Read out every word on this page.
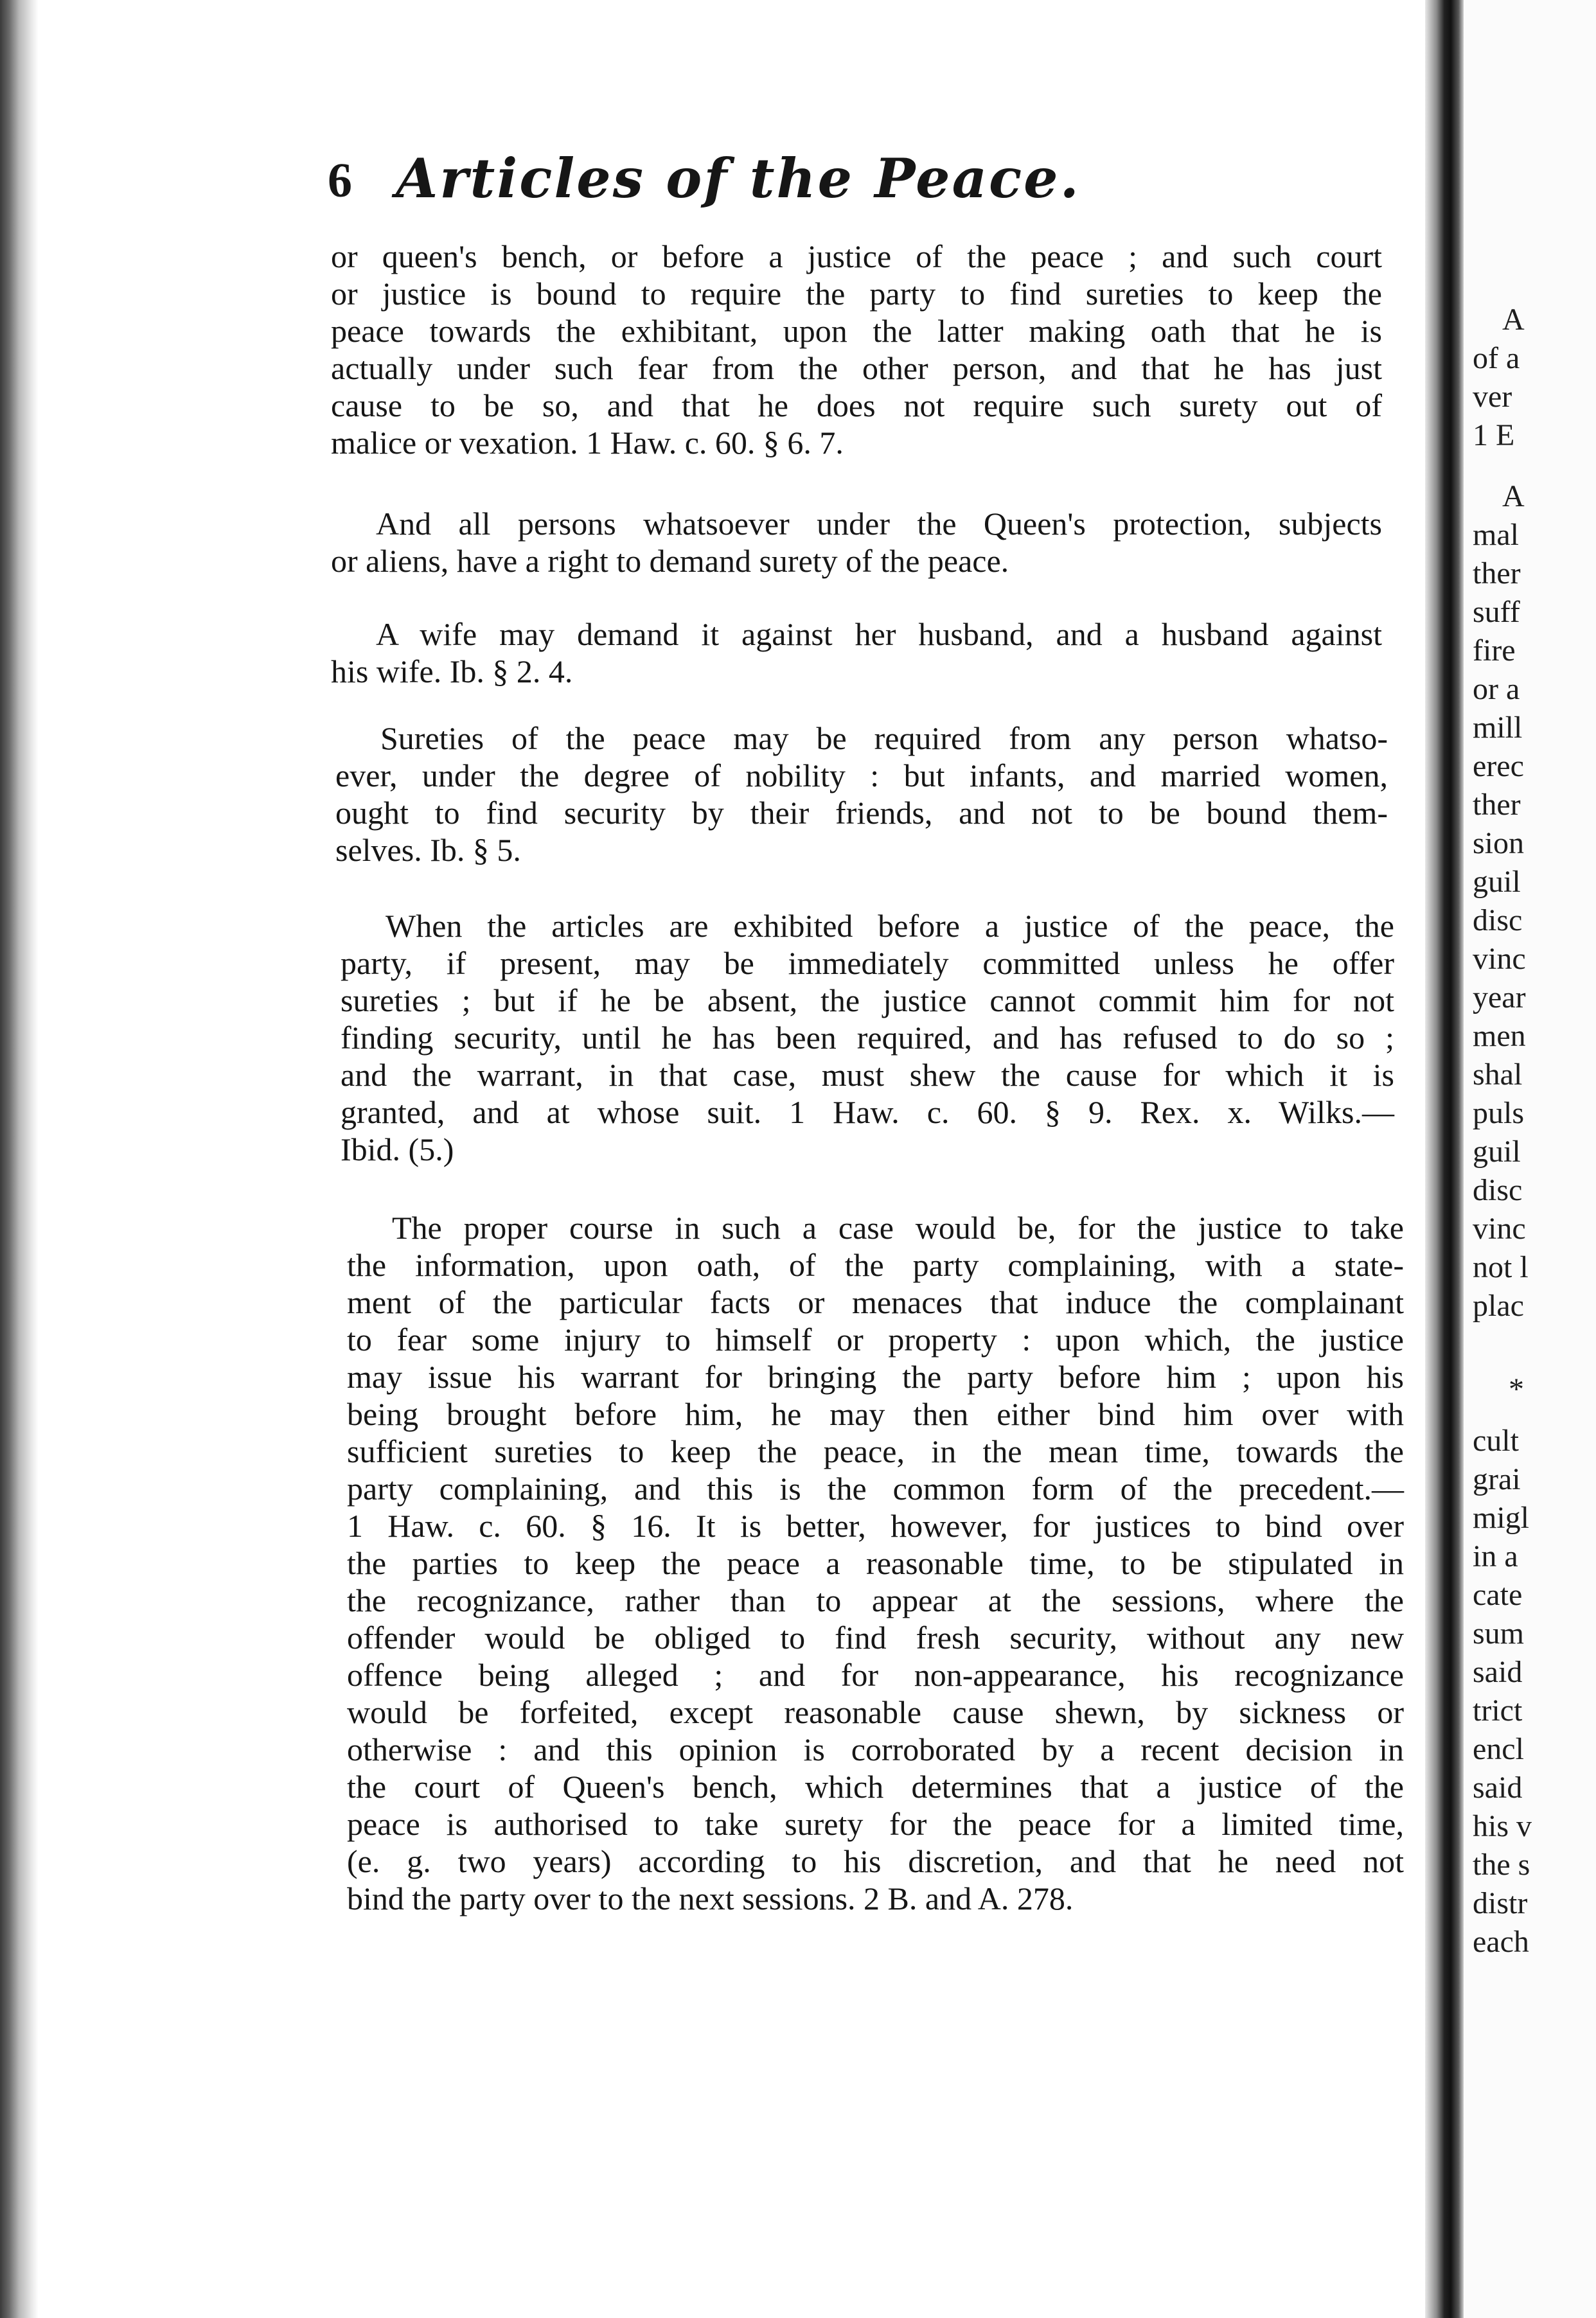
6 Articles of the Peace.
or queen's bench, or before a justice of the peace ; and such court
or justice is bound to require the party to find sureties to keep the
peace towards the exhibitant, upon the latter making oath that he is
actually under such fear from the other person, and that he has just
cause to be so, and that he does not require such surety out of
malice or vexation. 1 Haw. c. 60. § 6. 7.
And all persons whatsoever under the Queen's protection, subjects
or aliens, have a right to demand surety of the peace.
A wife may demand it against her husband, and a husband against
his wife. Ib. § 2. 4.
Sureties of the peace may be required from any person whatso-
ever, under the degree of nobility : but infants, and married women,
ought to find security by their friends, and not to be bound them-
selves. Ib. § 5.
When the articles are exhibited before a justice of the peace, the
party, if present, may be immediately committed unless he offer
sureties ; but if he be absent, the justice cannot commit him for not
finding security, until he has been required, and has refused to do so ;
and the warrant, in that case, must shew the cause for which it is
granted, and at whose suit. 1 Haw. c. 60. § 9. Rex. x. Wilks.—
Ibid. (5.)
The proper course in such a case would be, for the justice to take
the information, upon oath, of the party complaining, with a state-
ment of the particular facts or menaces that induce the complainant
to fear some injury to himself or property : upon which, the justice
may issue his warrant for bringing the party before him ; upon his
being brought before him, he may then either bind him over with
sufficient sureties to keep the peace, in the mean time, towards the
party complaining, and this is the common form of the precedent.—
1 Haw. c. 60. § 16. It is better, however, for justices to bind over
the parties to keep the peace a reasonable time, to be stipulated in
the recognizance, rather than to appear at the sessions, where the
offender would be obliged to find fresh security, without any new
offence being alleged ; and for non-appearance, his recognizance
would be forfeited, except reasonable cause shewn, by sickness or
otherwise : and this opinion is corroborated by a recent decision in
the court of Queen's bench, which determines that a justice of the
peace is authorised to take surety for the peace for a limited time,
(e. g. two years) according to his discretion, and that he need not
bind the party over to the next sessions. 2 B. and A. 278.
A
of a
ver
1 E
A
mal
ther
suff
fire
or a
mill
erec
ther
sion
guil
disc
vinc
year
men
shal
puls
guil
disc
vinc
not l
plac
*
cult
grai
migl
in a
cate
sum
said
trict
encl
said
his v
the s
distr
each
